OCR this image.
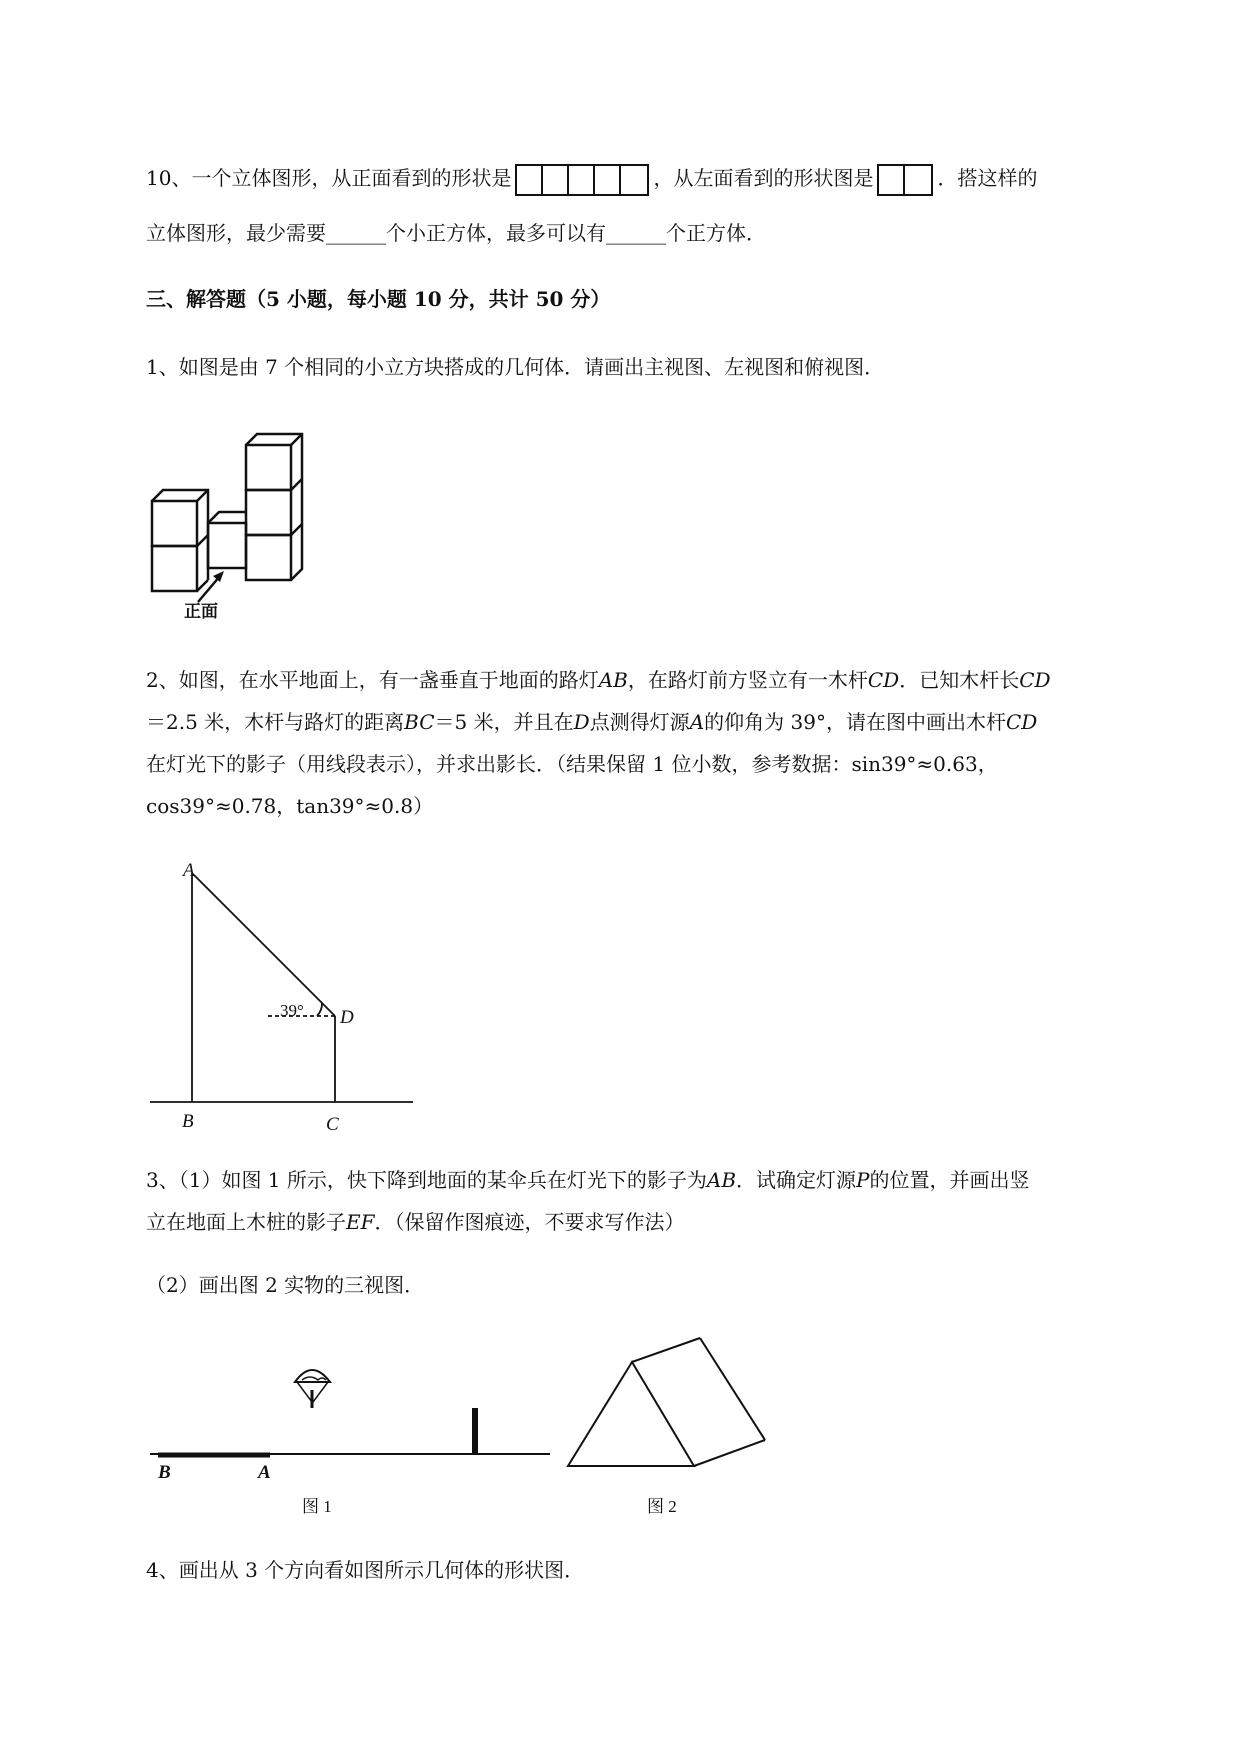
10、一个立体图形，从正面看到的形状是	，从左面看到的形状图是	．搭这样的
立体图形，最少需要______个小正方体，最多可以有______个正方体．
三、解答题（5 小题，每小题 10 分，共计 50 分）
1、如图是由 7 个相同的小立方块搭成的几何体．请画出主视图、左视图和俯视图．
正面
2、如图，在水平地面上，有一盏垂直于地面的路灯AB，在路灯前方竖立有一木杆CD．已知木杆长CD
＝2.5 米，木杆与路灯的距离BC＝5 米，并且在D点测得灯源A的仰角为 39°，请在图中画出木杆CD
在灯光下的影子（用线段表示），并求出影长．（结果保留 1 位小数，参考数据：sin39°≈0.63，
cos39°≈0.78，tan39°≈0.8）
A
B	C
D
39°
3、（1）如图 1 所示，快下降到地面的某伞兵在灯光下的影子为AB．试确定灯源P的位置，并画出竖
立在地面上木桩的影子EF．（保留作图痕迹，不要求写作法）
（2）画出图 2 实物的三视图．
B	A
图 1	图 2
4、画出从 3 个方向看如图所示几何体的形状图．
